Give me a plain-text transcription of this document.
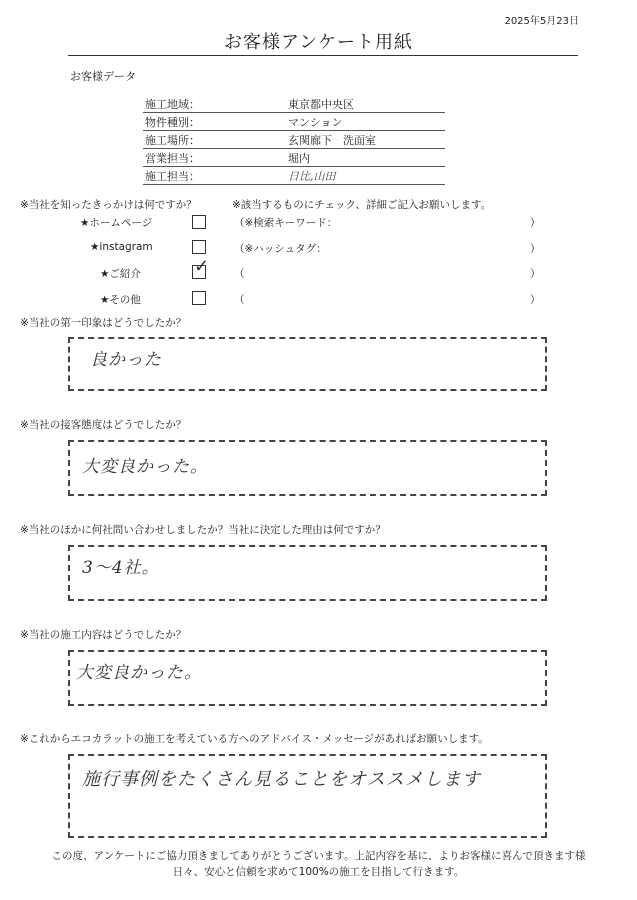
2025年5月23日
お客様アンケート用紙
お客様データ
施工地域：	東京都中央区
物件種別：	マンション
施工場所：	玄関廊下　洗面室
営業担当：	堀内
施工担当：	日比,山田
※当社を知ったきっかけは何ですか？	※該当するものにチェック、詳細ご記入お願いします。
★ホームページ	（※検索キーワード：	）
★instagram	（※ハッシュタグ：	）
★ご紹介	✓ （	）
★その他	（	）
※当社の第一印象はどうでしたか？
良かった
※当社の接客態度はどうでしたか？
大変良かった。
※当社のほかに何社問い合わせしましたか？当社に決定した理由は何ですか？
3〜4社。
※当社の施工内容はどうでしたか？
大変良かった。
※これからエコカラットの施工を考えている方へのアドバイス・メッセージがあればお願いします。
施行事例をたくさん見ることをオススメします
この度、アンケートにご協力頂きましてありがとうございます。上記内容を基に、よりお客様に喜んで頂きます様
日々、安心と信頼を求めて100%の施工を目指して行きます。
